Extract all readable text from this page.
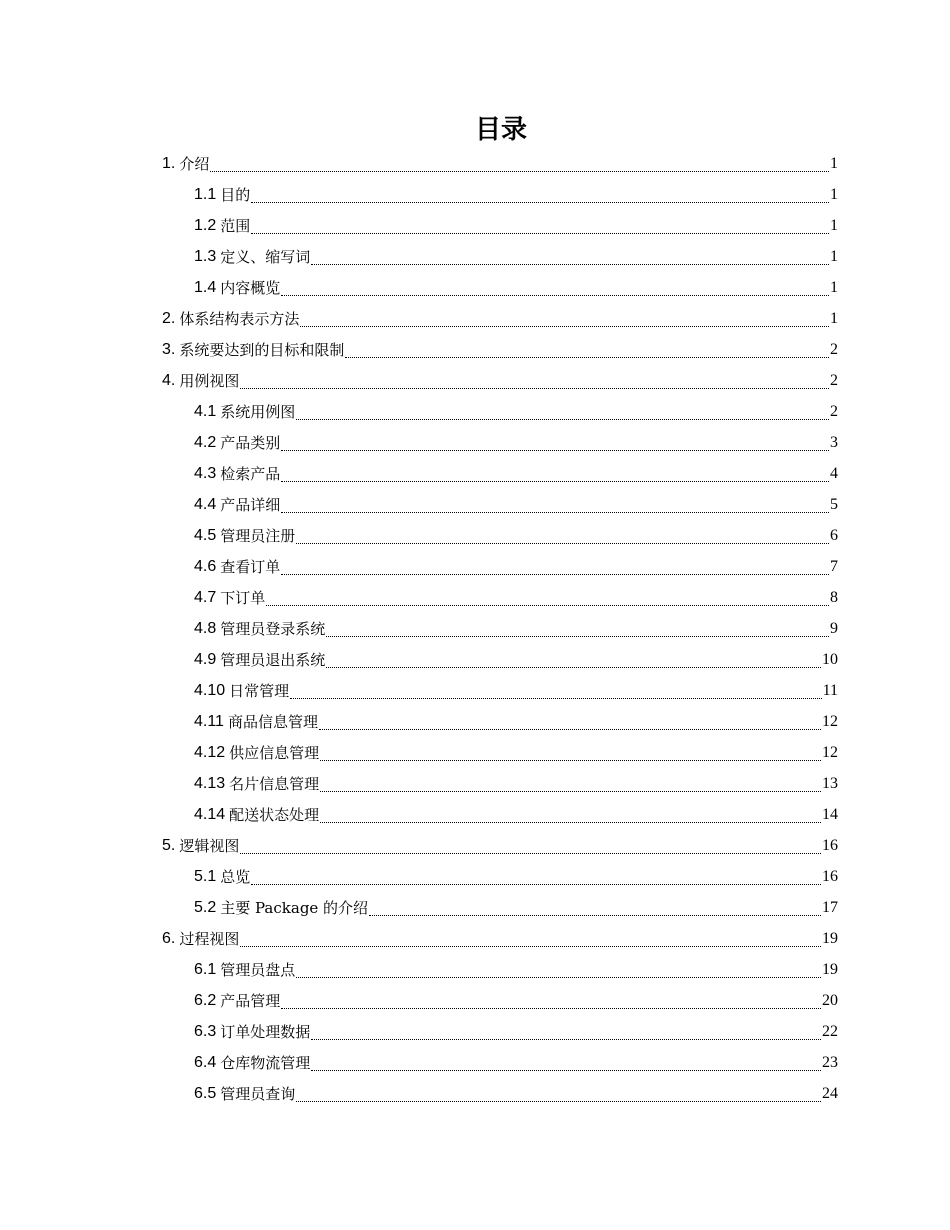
目录
1. 介绍	1
1.1 目的	1
1.2 范围	1
1.3 定义、缩写词	1
1.4 内容概览	1
2. 体系结构表示方法	1
3. 系统要达到的目标和限制	2
4. 用例视图	2
4.1 系统用例图	2
4.2 产品类别	3
4.3 检索产品	4
4.4 产品详细	5
4.5 管理员注册	6
4.6 查看订单	7
4.7 下订单	8
4.8 管理员登录系统	9
4.9 管理员退出系统	10
4.10 日常管理	11
4.11 商品信息管理	12
4.12 供应信息管理	12
4.13 名片信息管理	13
4.14 配送状态处理	14
5. 逻辑视图	16
5.1 总览	16
5.2 主要 Package 的介绍	17
6. 过程视图	19
6.1 管理员盘点	19
6.2 产品管理	20
6.3 订单处理数据	22
6.4 仓库物流管理	23
6.5 管理员查询	24
